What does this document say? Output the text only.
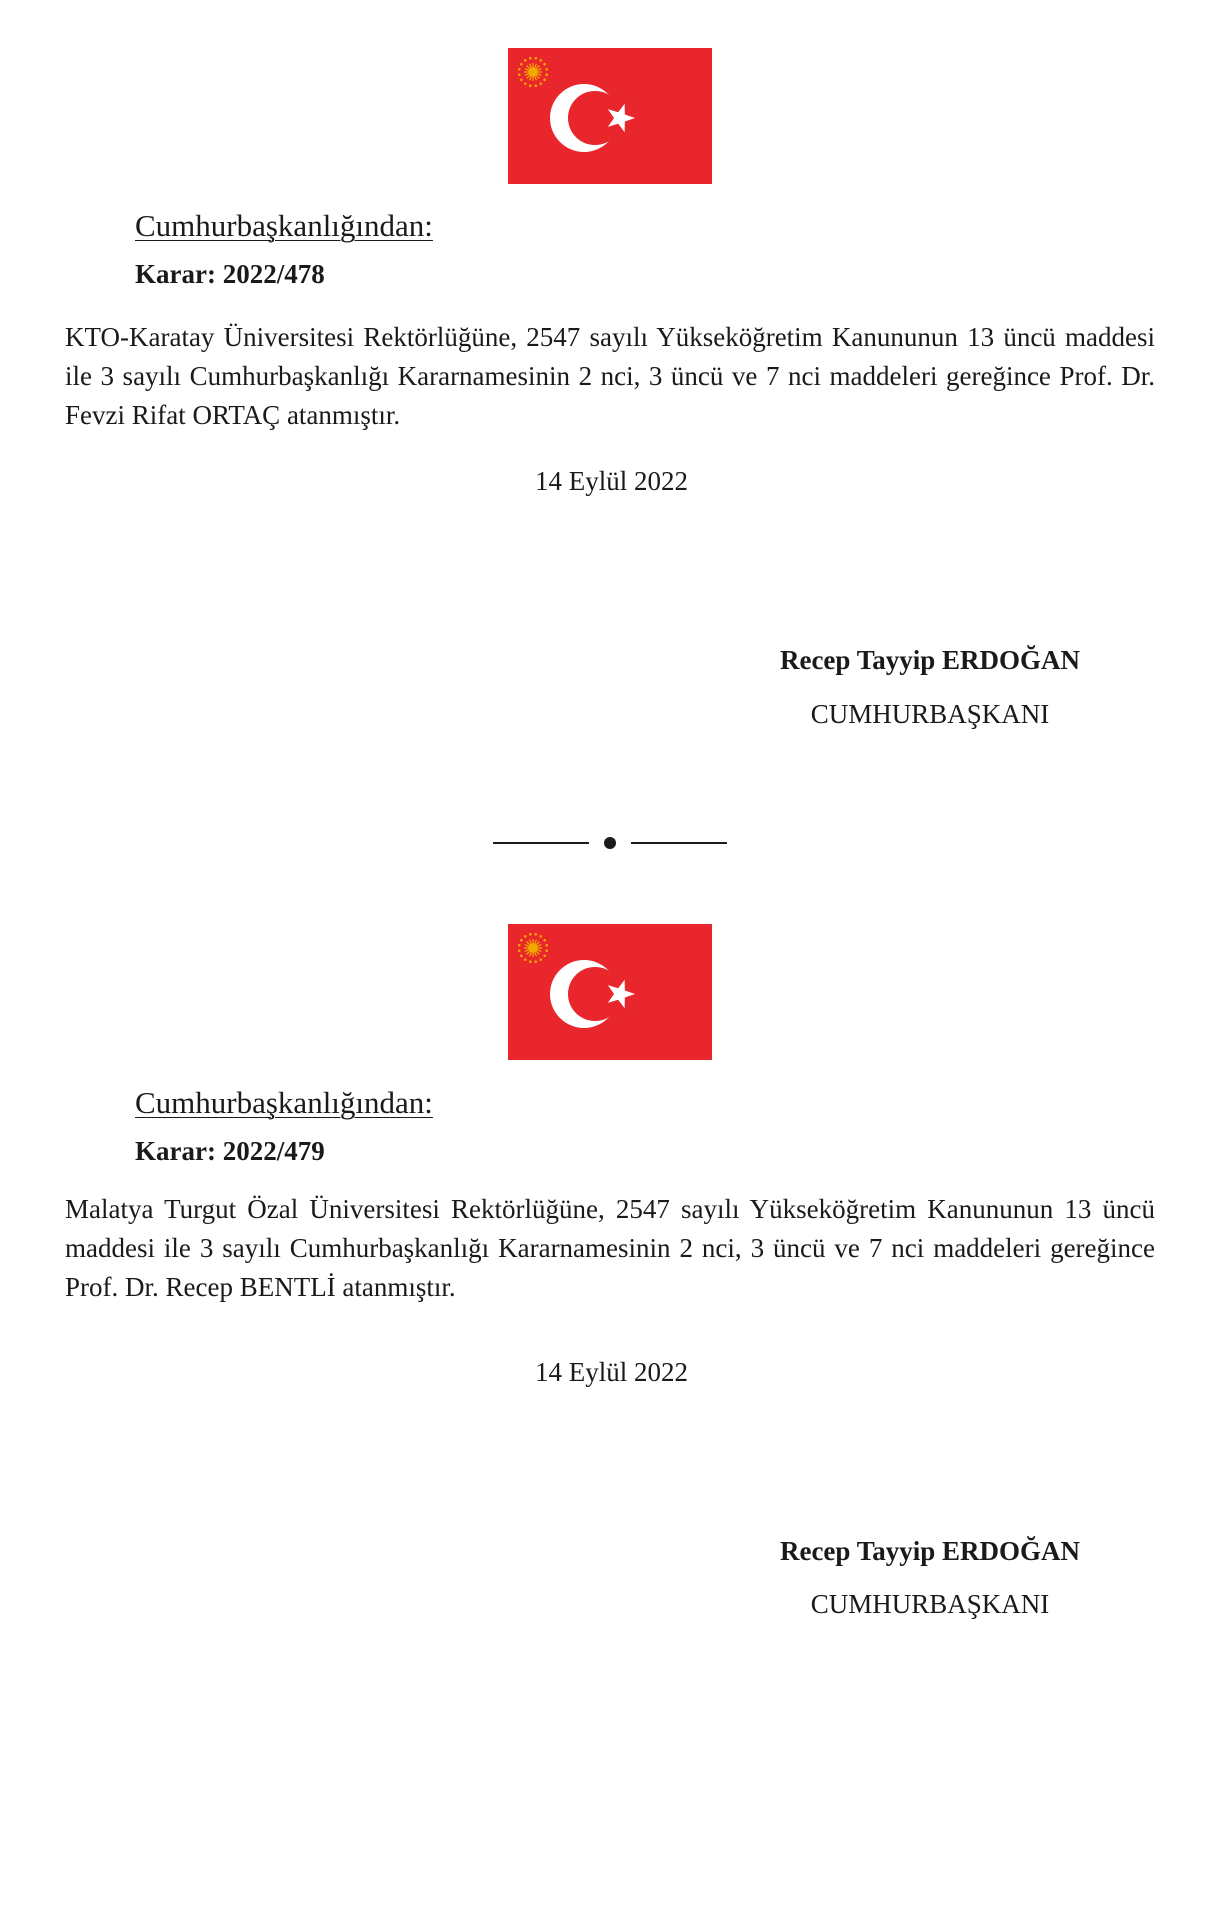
Cumhurbaşkanlığından:
Karar: 2022/478
KTO-Karatay Üniversitesi Rektörlüğüne, 2547 sayılı Yükseköğretim Kanununun 13 üncü maddesi ile 3 sayılı Cumhurbaşkanlığı Kararnamesinin 2 nci, 3 üncü ve 7 nci maddeleri gereğince Prof. Dr. Fevzi Rifat ORTAÇ atanmıştır.
14 Eylül 2022
Recep Tayyip ERDOĞAN
CUMHURBAŞKANI
Cumhurbaşkanlığından:
Karar: 2022/479
Malatya Turgut Özal Üniversitesi Rektörlüğüne, 2547 sayılı Yükseköğretim Kanununun 13 üncü maddesi ile 3 sayılı Cumhurbaşkanlığı Kararnamesinin 2 nci, 3 üncü ve 7 nci maddeleri gereğince Prof. Dr. Recep BENTLİ atanmıştır.
14 Eylül 2022
Recep Tayyip ERDOĞAN
CUMHURBAŞKANI
